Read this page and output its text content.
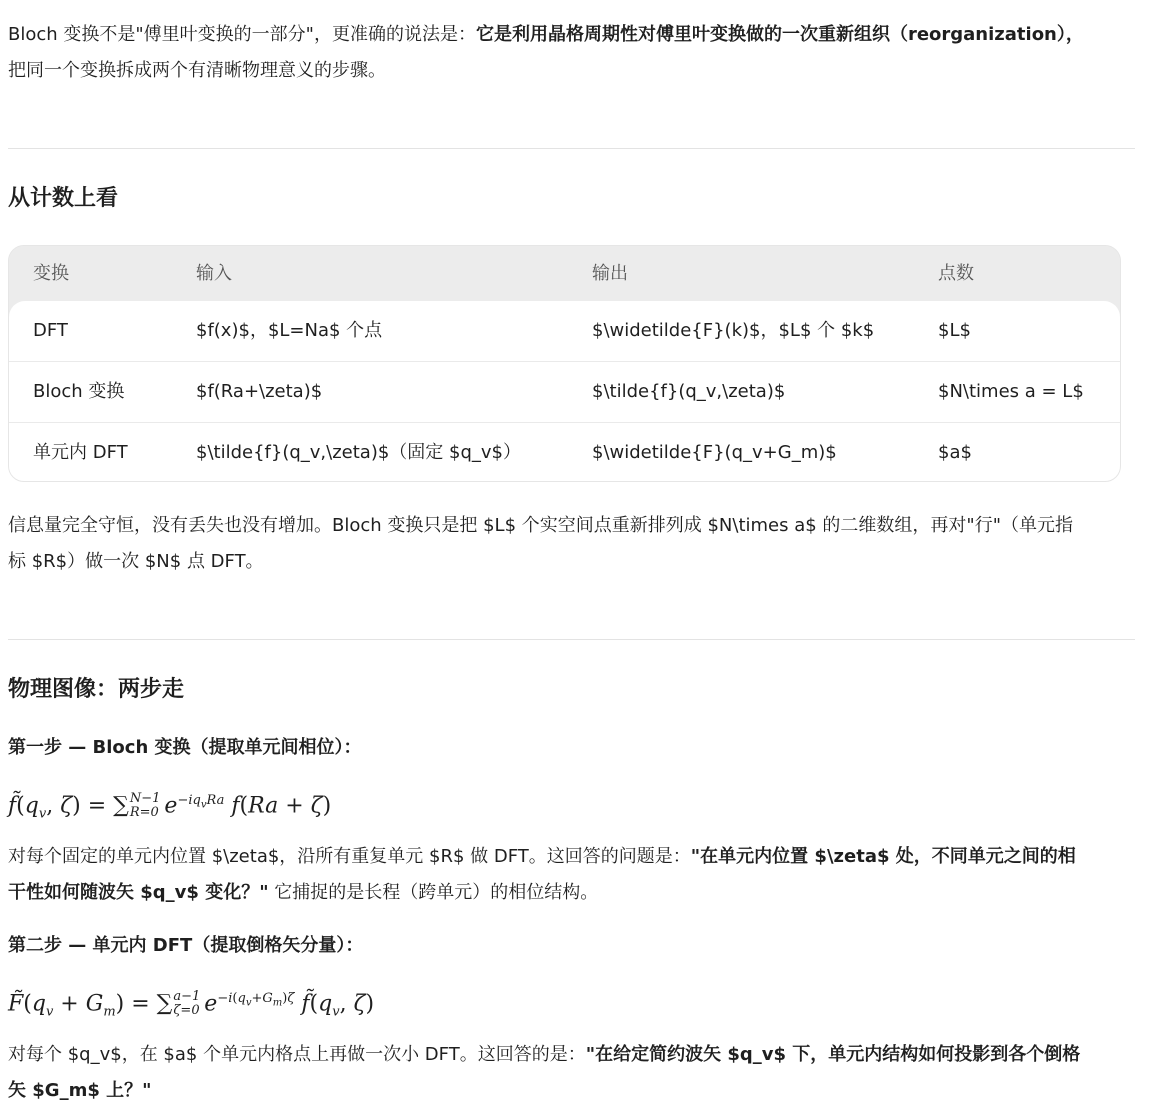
Bloch 变换不是"傅里叶变换的一部分"，更准确的说法是：它是利用晶格周期性对傅里叶变换做的一次重新组织（reorganization），
把同一个变换拆成两个有清晰物理意义的步骤。

从计数上看
变换	输入	输出	点数
DFT	$f(x)$，$L=Na$ 个点	$\widetilde{F}(k)$，$L$ 个 $k$	$L$
Bloch 变换	$f(Ra+\zeta)$	$\tilde{f}(q_v,\zeta)$	$N\times a = L$
单元内 DFT	$\tilde{f}(q_v,\zeta)$（固定 $q_v$）	$\widetilde{F}(q_v+G_m)$	$a$

信息量完全守恒，没有丢失也没有增加。Bloch 变换只是把 $L$ 个实空间点重新排列成 $N\times a$ 的二维数组，再对"行"（单元指
标 $R$）做一次 $N$ 点 DFT。

物理图像：两步走
第一步 — Bloch 变换（提取单元间相位）：
$f̃(q_v$, ζ) = ∑ N−1
R=0 $e^{-iq_vRa}$ f(Ra + ζ)

对每个固定的单元内位置 $\zeta$，沿所有重复单元 $R$ 做 DFT。这回答的问题是："在单元内位置 $\zeta$ 处，不同单元之间的相
干性如何随波矢 $q_v$ 变化？" 它捕捉的是长程（跨单元）的相位结构。

第二步 — 单元内 DFT（提取倒格矢分量）：
$F̃(q_v + G_m)$ = ∑ a−1
ζ=0 $e^{-i(q_v+G_m)\zeta}$ $f̃(q_v$, ζ)

对每个 $q_v$，在 $a$ 个单元内格点上再做一次小 DFT。这回答的是："在给定简约波矢 $q_v$ 下，单元内结构如何投影到各个倒格
矢 $G_m$ 上？"
